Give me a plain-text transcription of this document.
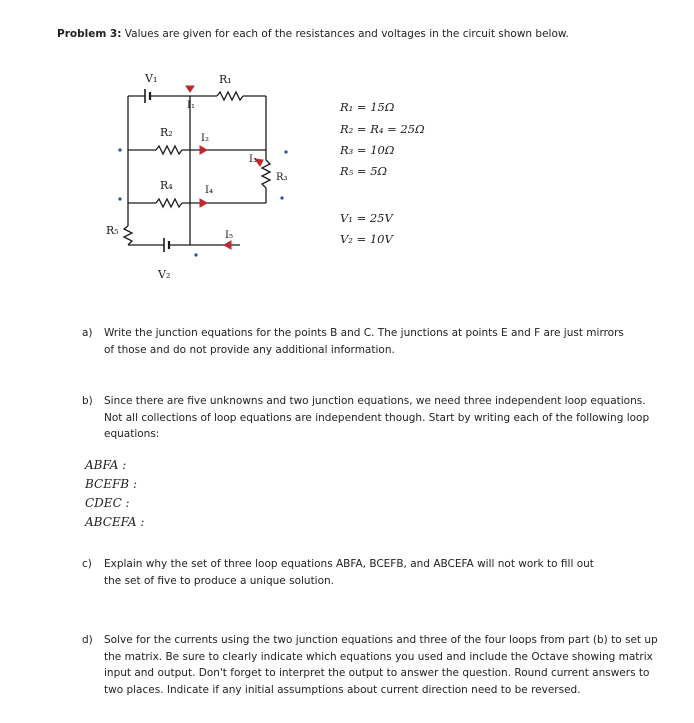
Problem 3: Values are given for each of the resistances and voltages in the circuit shown below.
V₁	R₁
I₁
R₂	I₂
I₃
R₃
R₄	I₄
R₅	I₅
V₂
R₁ = 15Ω
R₂ = R₄ = 25Ω
R₃ = 10Ω
R₅ = 5Ω
V₁ = 25V
V₂ = 10V
a)	Write the junction equations for the points B and C. The junctions at points E and F are just mirrors
of those and do not provide any additional information.
b)	Since there are five unknowns and two junction equations, we need three independent loop equations.
Not all collections of loop equations are independent though. Start by writing each of the following loop
equations:
ABFA :
BCEFB :
CDEC :
ABCEFA :
c)	Explain why the set of three loop equations ABFA, BCEFB, and ABCEFA will not work to fill out
the set of five to produce a unique solution.
d)	Solve for the currents using the two junction equations and three of the four loops from part (b) to set up
the matrix. Be sure to clearly indicate which equations you used and include the Octave showing matrix
input and output. Don't forget to interpret the output to answer the question. Round current answers to
two places. Indicate if any initial assumptions about current direction need to be reversed.
